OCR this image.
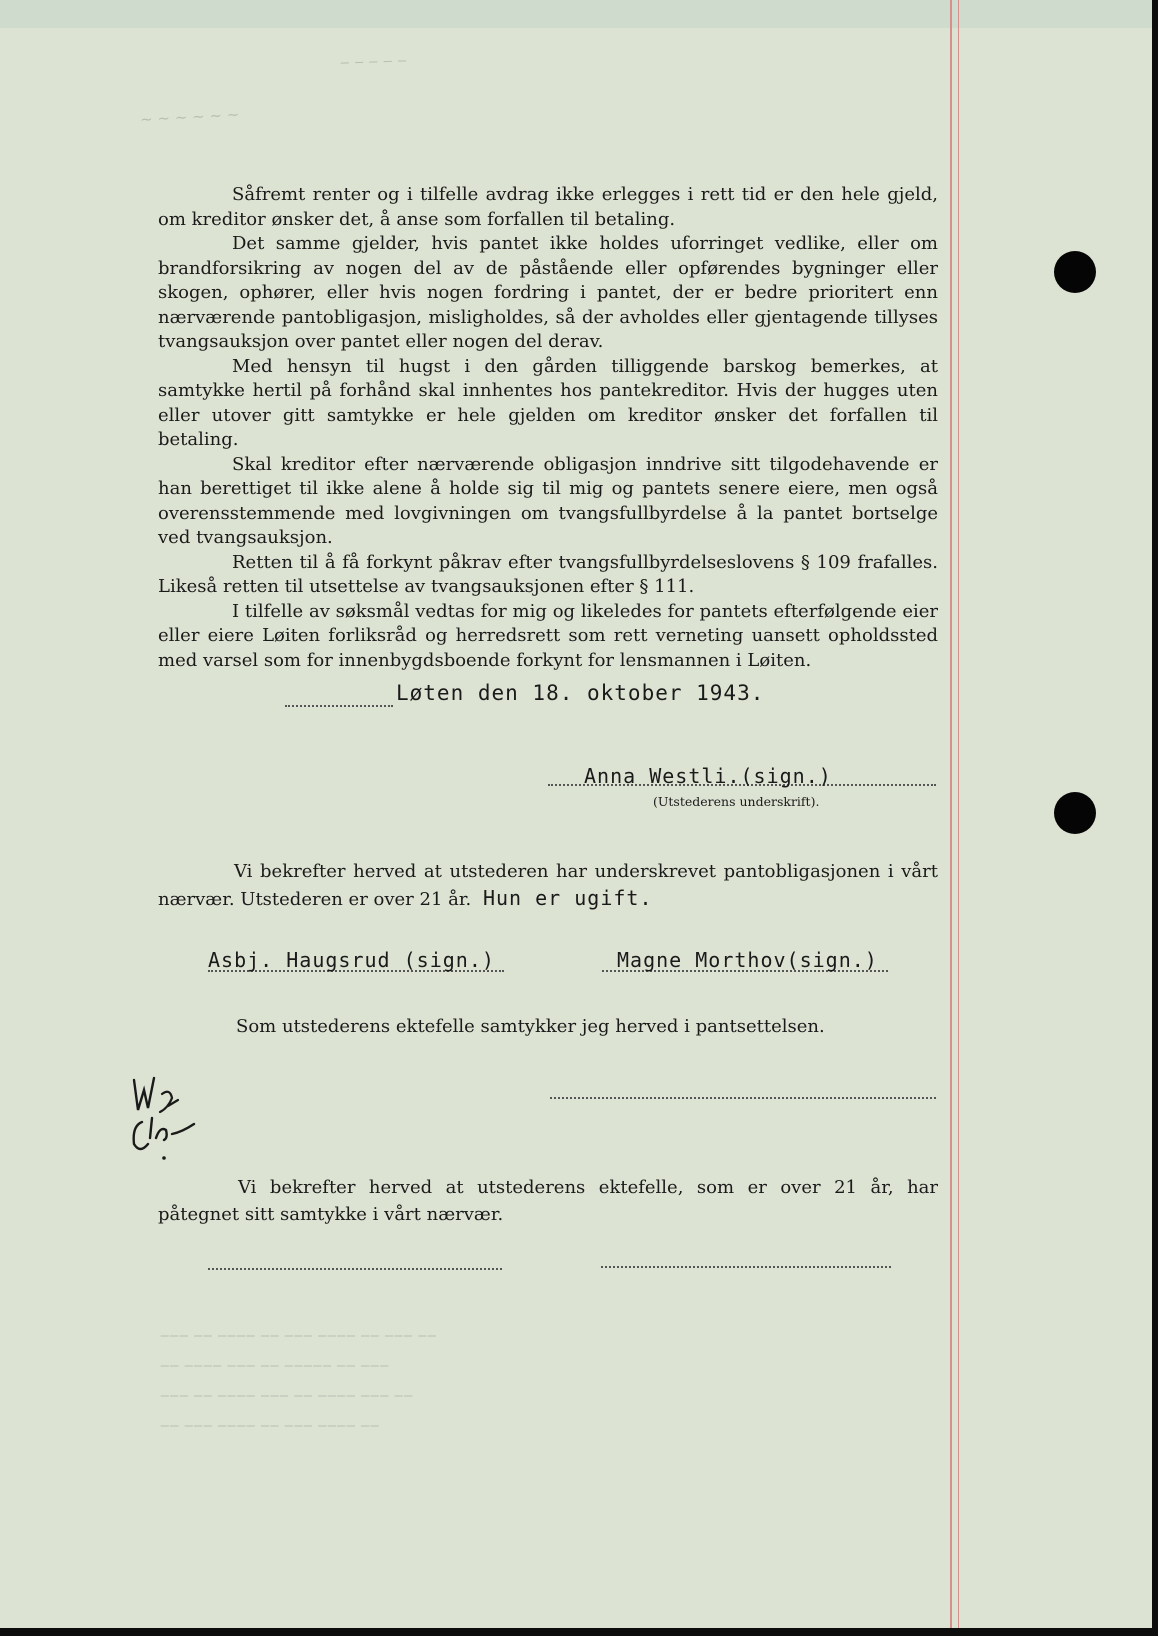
‒ ‒ ‒ ‒ ‒
~ ~ ~ ~ ~ ~

Såfremt renter og i tilfelle avdrag ikke erlegges i rett tid er den hele gjeld, om kreditor ønsker det, å anse som forfallen til betaling.

Det samme gjelder, hvis pantet ikke holdes uforringet vedlike, eller om brandforsikring av nogen del av de påstående eller opførendes bygninger eller skogen, ophører, eller hvis nogen fordring i pantet, der er bedre prioritert enn nærværende pantobligasjon, misligholdes, så der avholdes eller gjentagende tillyses tvangsauksjon over pantet eller nogen del derav.

Med hensyn til hugst i den gården tilliggende barskog bemerkes, at samtykke hertil på forhånd skal innhentes hos pantekreditor. Hvis der hugges uten eller utover gitt samtykke er hele gjelden om kreditor ønsker det forfallen til betaling.

Skal kreditor efter nærværende obligasjon inndrive sitt tilgodehavende er han berettiget til ikke alene å holde sig til mig og pantets senere eiere, men også overensstemmende med lovgivningen om tvangsfullbyrdelse å la pantet bortselge ved tvangsauksjon.

Retten til å få forkynt påkrav efter tvangsfullbyrdelseslovens § 109 frafalles. Likeså retten til utsettelse av tvangsauksjonen efter § 111.

I tilfelle av søksmål vedtas for mig og likeledes for pantets efterfølgende eier eller eiere Løiten forliksråd og herredsrett som rett verneting uansett opholdssted med varsel som for innenbygdsboende forkynt for lensmannen i Løiten.

Løten den 18. oktober 1943.
Anna Westli.(sign.)
(Utstederens underskrift).
Vi bekrefter herved at utstederen har underskrevet pantobligasjonen i vårt nærvær. Utstederen er over 21 år. Hun er ugift.
Asbj. Haugsrud (sign.)	Magne Morthov(sign.)
Som utstederens ektefelle samtykker jeg herved i pantsettelsen.
Vi bekrefter herved at utstederens ektefelle, som er over 21 år, har påtegnet sitt samtykke i vårt nærvær.
‒‒‒ ‒‒ ‒‒‒‒ ‒‒ ‒‒‒ ‒‒‒‒ ‒‒ ‒‒‒ ‒‒
‒‒ ‒‒‒‒ ‒‒‒ ‒‒ ‒‒‒‒‒ ‒‒ ‒‒‒
‒‒‒ ‒‒ ‒‒‒‒ ‒‒‒ ‒‒ ‒‒‒‒ ‒‒‒ ‒‒
‒‒ ‒‒‒ ‒‒‒‒ ‒‒ ‒‒‒ ‒‒‒‒ ‒‒
